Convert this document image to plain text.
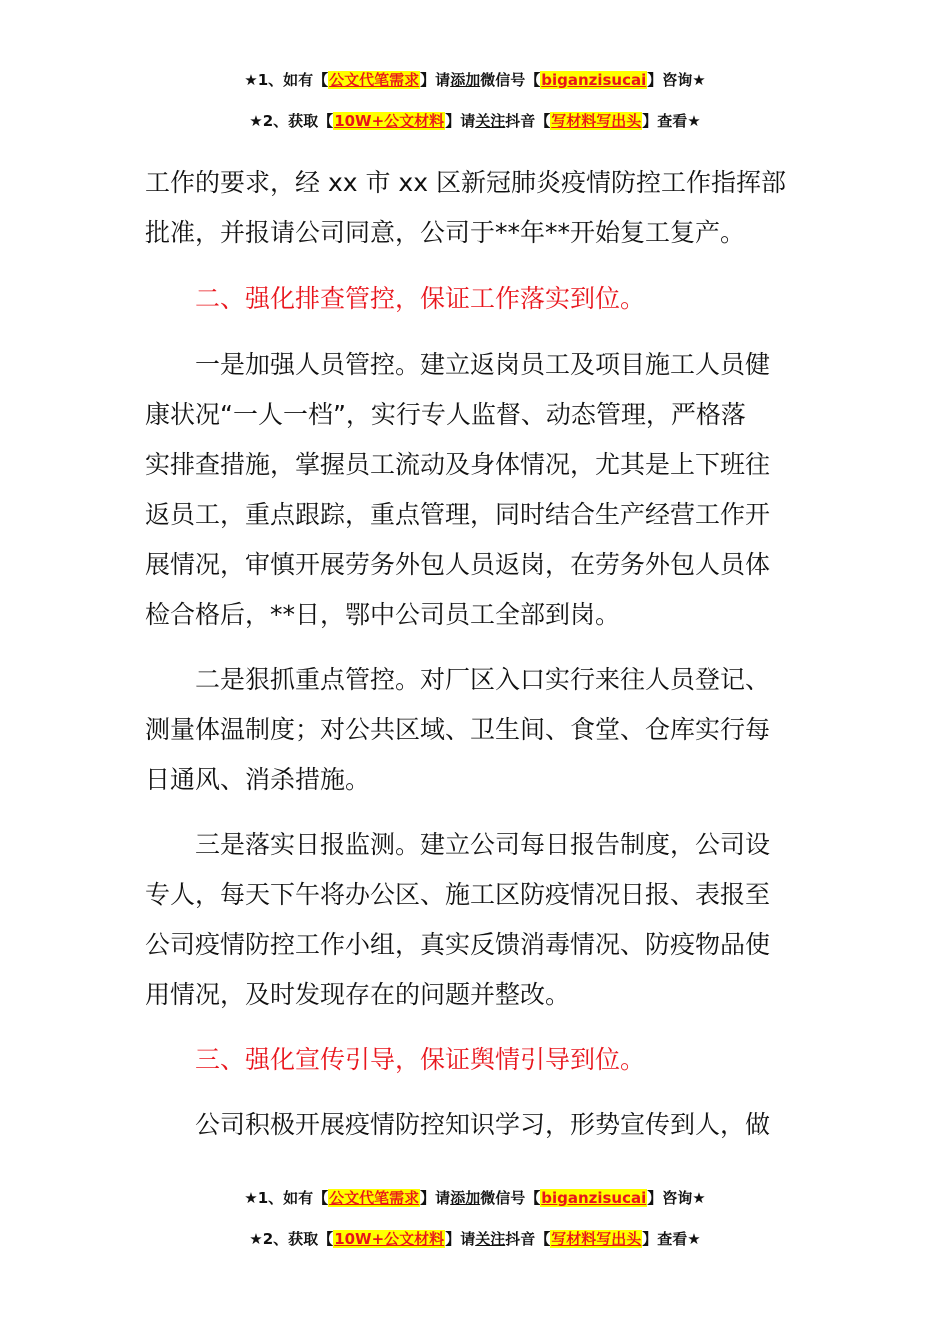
★1、如有【公文代笔需求】请添加微信号【biganzisucai】咨询★
★2、获取【10W+公文材料】请关注抖音【写材料写出头】查看★
工作的要求，经 xx 市 xx 区新冠肺炎疫情防控工作指挥部
批准，并报请公司同意，公司于**年**开始复工复产。
二、强化排查管控，保证工作落实到位。
一是加强人员管控。建立返岗员工及项目施工人员健
康状况“一人一档”，实行专人监督、动态管理，严格落
实排查措施，掌握员工流动及身体情况，尤其是上下班往
返员工，重点跟踪，重点管理，同时结合生产经营工作开
展情况，审慎开展劳务外包人员返岗，在劳务外包人员体
检合格后，**日，鄂中公司员工全部到岗。
二是狠抓重点管控。对厂区入口实行来往人员登记、
测量体温制度；对公共区域、卫生间、食堂、仓库实行每
日通风、消杀措施。
三是落实日报监测。建立公司每日报告制度，公司设
专人，每天下午将办公区、施工区防疫情况日报、表报至
公司疫情防控工作小组，真实反馈消毒情况、防疫物品使
用情况，及时发现存在的问题并整改。
三、强化宣传引导，保证舆情引导到位。
公司积极开展疫情防控知识学习，形势宣传到人，做
★1、如有【公文代笔需求】请添加微信号【biganzisucai】咨询★
★2、获取【10W+公文材料】请关注抖音【写材料写出头】查看★
